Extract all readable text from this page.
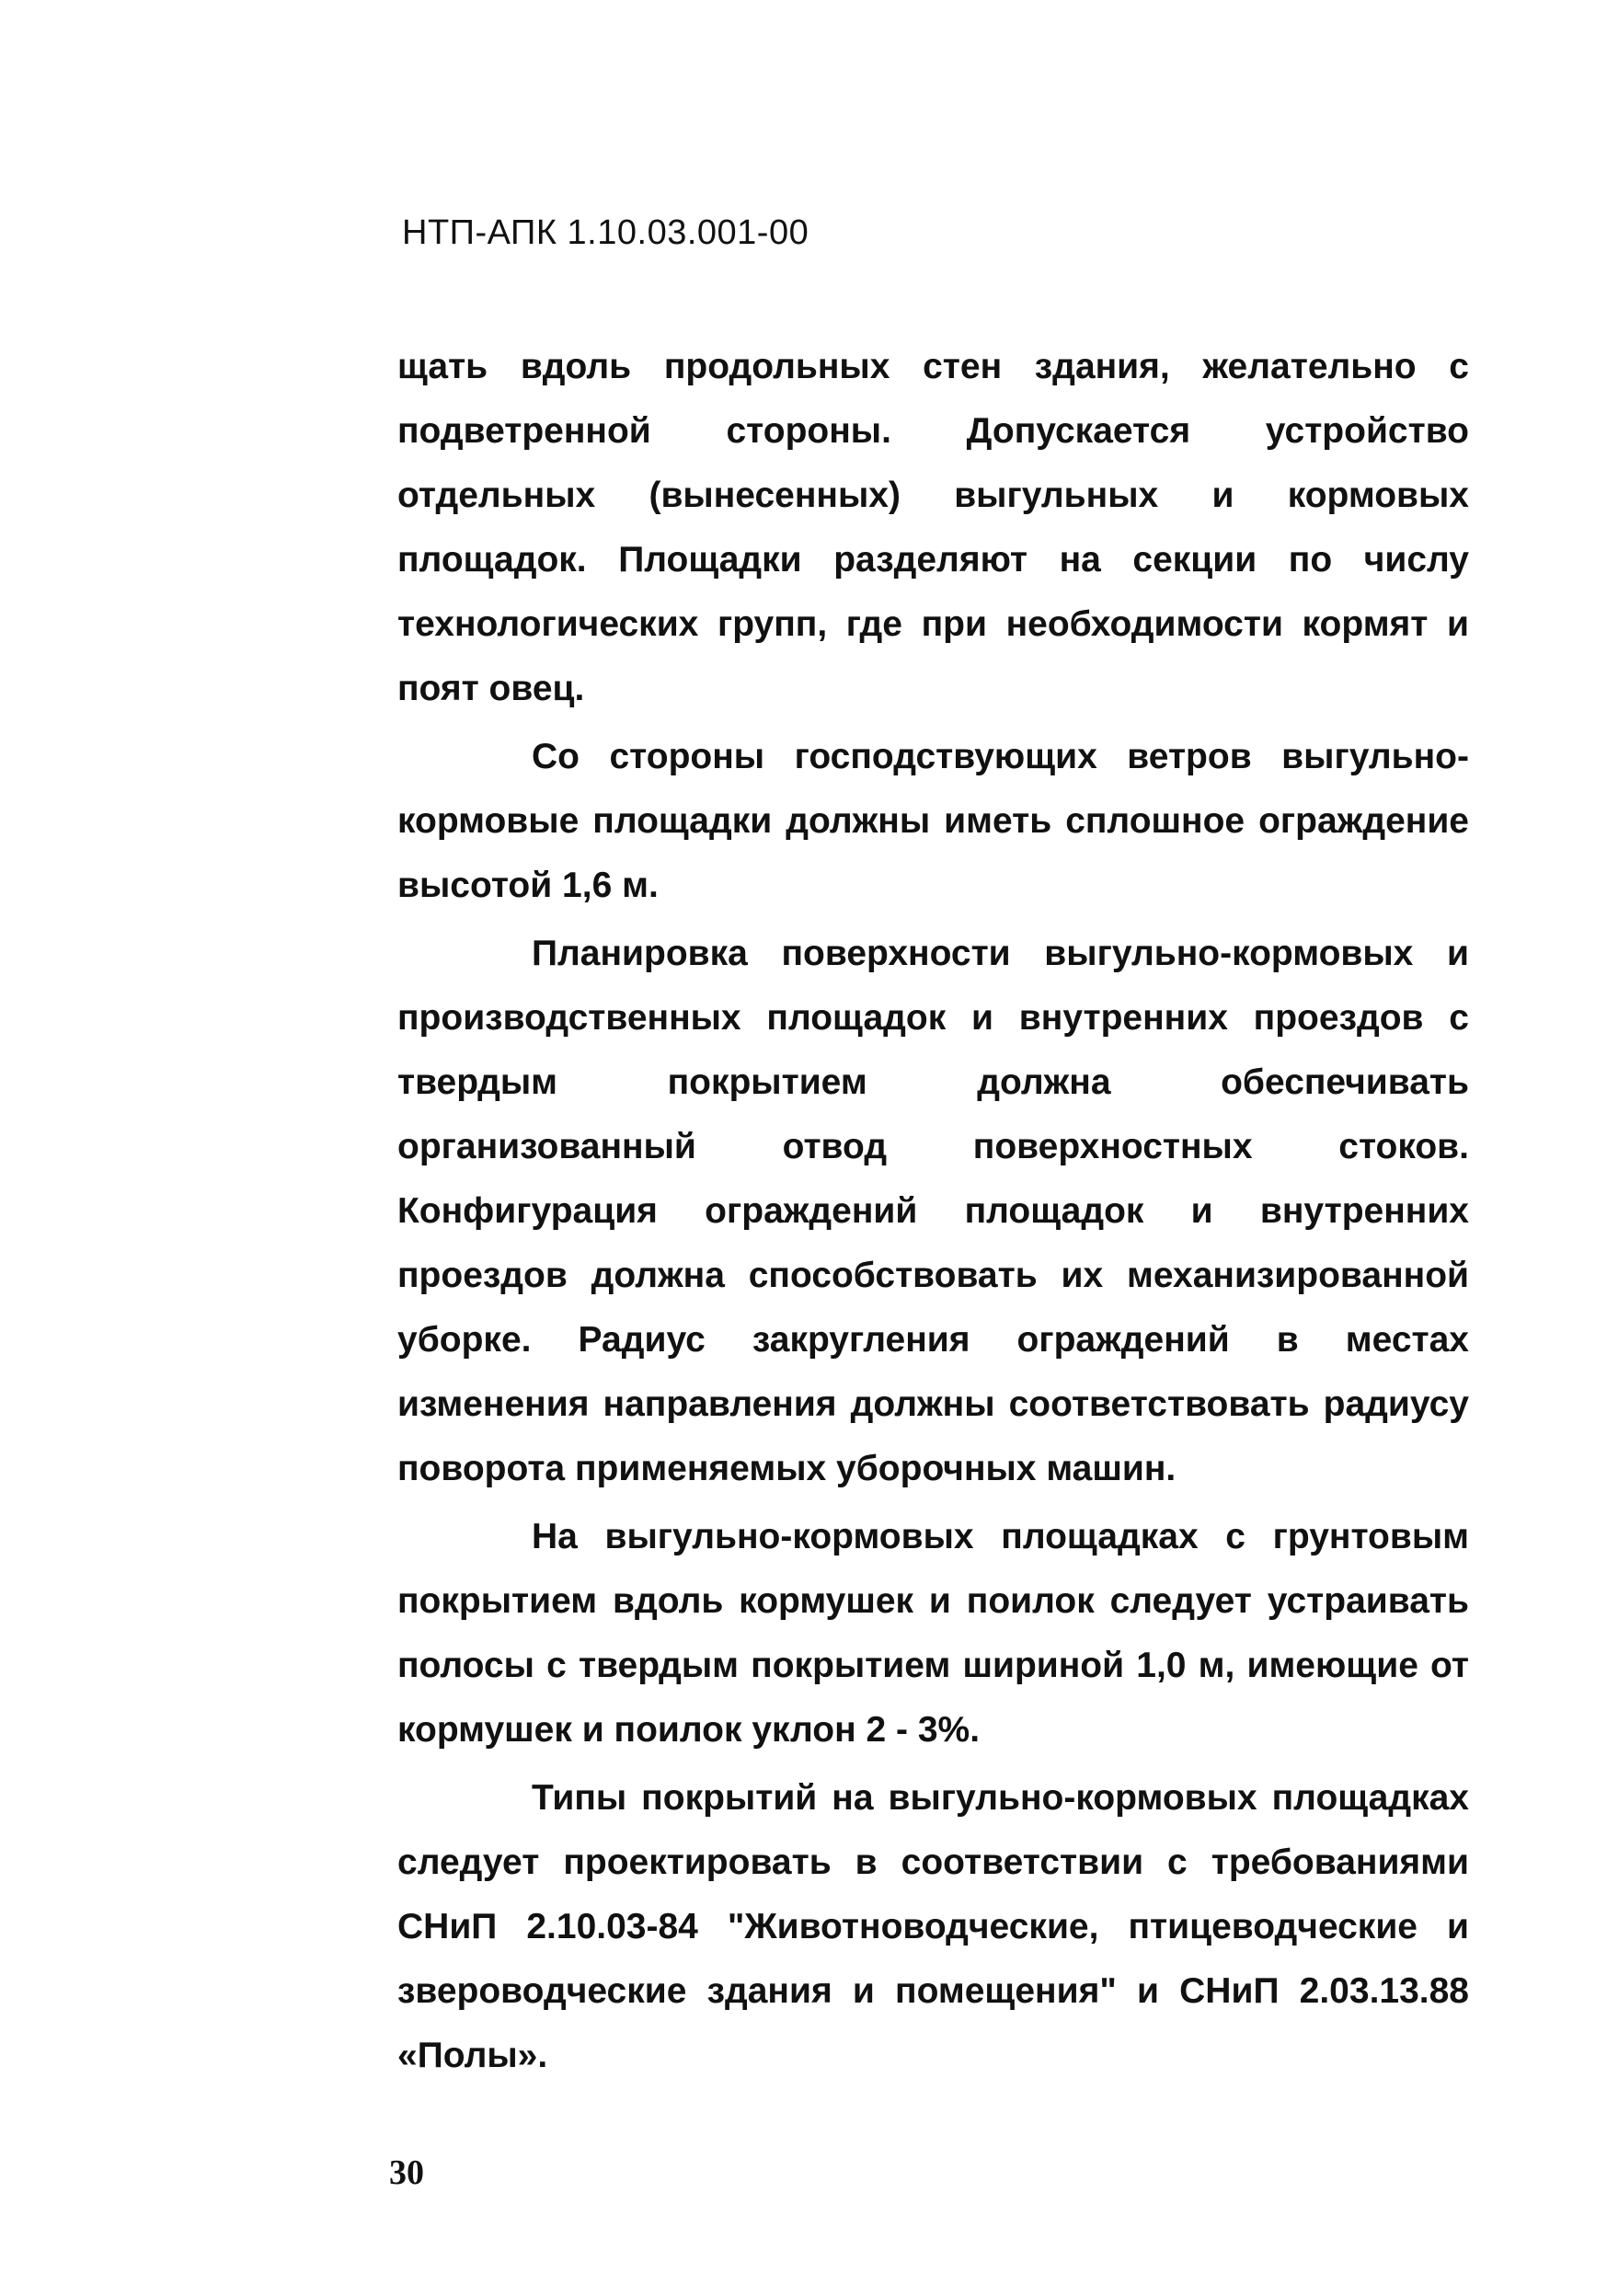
НТП-АПК 1.10.03.001-00

щать вдоль продольных стен здания, желательно с подветренной стороны. Допускается устройство отдельных (вынесенных) выгульных и кормовых площадок. Площадки разделяют на секции по числу технологических групп, где при необходимости кормят и поят овец.

Со стороны господствующих ветров выгульно-кормовые площадки должны иметь сплошное ограждение высотой 1,6 м.

Планировка поверхности выгульно-кормовых и производственных площадок и внутренних проездов с твердым покрытием должна обеспечивать организованный отвод поверхностных стоков. Конфигурация ограждений площадок и внутренних проездов должна способствовать их механизированной уборке. Радиус закругления ограждений в местах изменения направления должны соответствовать радиусу поворота применяемых уборочных машин.

На выгульно-кормовых площадках с грунтовым покрытием вдоль кормушек и поилок следует устраивать полосы с твердым покрытием шириной 1,0 м, имеющие от кормушек и поилок уклон 2 - 3%.

Типы покрытий на выгульно-кормовых площадках следует проектировать в соответствии с требованиями СНиП 2.10.03-84 "Животноводческие, птицеводческие и звероводческие здания и помещения" и СНиП 2.03.13.88 «Полы».

30
